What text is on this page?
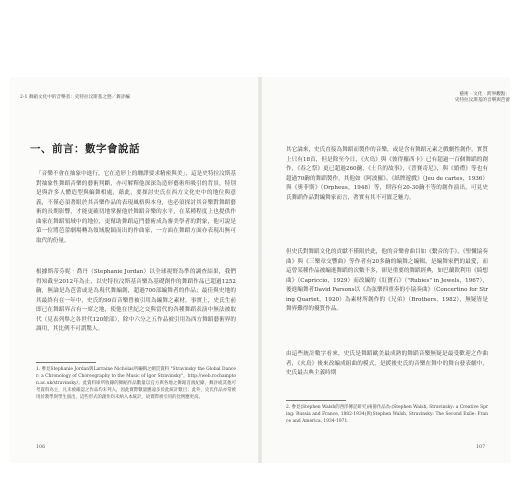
2-1 舞蹈文化中的音樂者：史特拉汶斯基之戀／舞評編
一、前言：數字會說話
「音樂不會在抽象中進行，它在造形上的纏譯要求精密與美」，這是史特拉汶斯基對抽象性舞蹈音樂的藝術判斷，亦可解釋他深深為造形藝術所吸引的背景，特別是與許多人體造型與編舞相處，藉此，要探討史氏在西方文化史中的地位與意義，不僅必須著眼於其音樂作品的表現風格與本身，也必須探討其音樂對舞蹈藝術的長期影響，才能更確切地掌握他於舞蹈音樂的水平，在某種程度上也提供作曲家在舞蹈領域中的地位，更幫助舞蹈這門藝術成為審美學者的對象，他可說是第一位將芭蕾劇場轉為領域脫穎而出的作曲家，一方面在舞蹈方面亦表現出無可取代的份量。
根據斯蒂芬妮‧喬丹（Stephanie Jordan）以全球視野為準的調查結果，我們得知截至2012年為止，以史特拉汶斯基音樂為基礎創作的舞蹈作品已超過1252齣，無論是為芭蕾或是為現代舞編創，超過700部編舞者的作品；最佳與史地的其最終有在一年中，史氏的99首音樂曾被引用為編舞之素材，事實上，史氏生前即已在舞蹈界占有一席之地，使他在世紀之交與當代的各種舞蹈表演中無法被取代（見表列舉之各世代120餘部），除中六分之五作品被引用為西方舞蹈藝術界的調用，其比例不可謂驚人。
1. 參見Stephanie Jordan與Larraine Nicholas所編輯之網頁資料 "Stravinsky the Global Dancer: a Chronology of Choreography to the Music of Igor Stravinsky"，http://web.rochampton.ac.uk/stravinsky/。此資料庫所收錄的舞蹈作品數量以官方與各地之舞蹈首演紀錄、舞評或其他可考資料為主，凡未被確認之作品均未列入，因此實際數量應遠多於此統計數目；此外，史氏作品亦常被用於教學與學生演出，這些形式的創作均未納入本統計，故實際被引用的比例應更高。
106
藝術‧文化‧跨界觀點：
史特拉汶斯基的音樂與芭蕾
其它論來，史氏直接為舞蹈而製作的音樂，或是含有舞蹈元素之戲劇性創作，實質上只有18首，但是除至今日，《火鳥》與《彼得羅西卡》已有超過一百個舞蹈的創作，《春之祭》更已超過260齣，《士兵的故事》，《普賽奇尼》，與《婚禮》等也有超過70齣的舞蹈製作，其他如《阿波羅》、《紙牌遊戲》（Jeu de cartes，1936）與《奧菲斯》（Orpheus，1948）等，則容有20-30齣不等的創作演出，可見史氏舞蹈作品對編舞家而言，著實有其不可匱乏魅力。
但史氏對舞蹈文化的貢獻不僅限於此，他的音樂會曲目如《繫音的手》、《聖懺協奏曲》與《三樂章交響曲》等作者有20多齣的編舞之編輯，是編舞家們的最愛，而這曾某種作品被編進舞蹈的次數不多，卻是重要的舞蹈經典，如巴蘭欽利用《綺想曲》（Capriccio，1929）而改編的《紅寶石》（"Rubies" in Jewels，1967），後進編舞者David Parsons以《為弦樂四重奏的小協奏曲》（Concertino for String Quartet，1920）為素材所創作的《兄弟》（Brothers，1982），無疑皆是舞界難得的優質作品。
由這些統計數字看來，史氏是舞蹈歐美最成熟的舞蹈音樂無疑是最受歡迎之作曲者，《火鳥》後來改編成組曲的模式，是緩後史氏的音樂在舞中的舞台發表劇中，史氏最古典主義時期
2. 參見(Stephen Walsh的西洋傳記研究)兩冊作品為:(Stephen Walsh, Stravinsky: a Creative Spring: Russia and France, 1882-1934)與(Stephen Walsh, Stravinsky: The Second Exile: France and America, 1934-1971.
107
